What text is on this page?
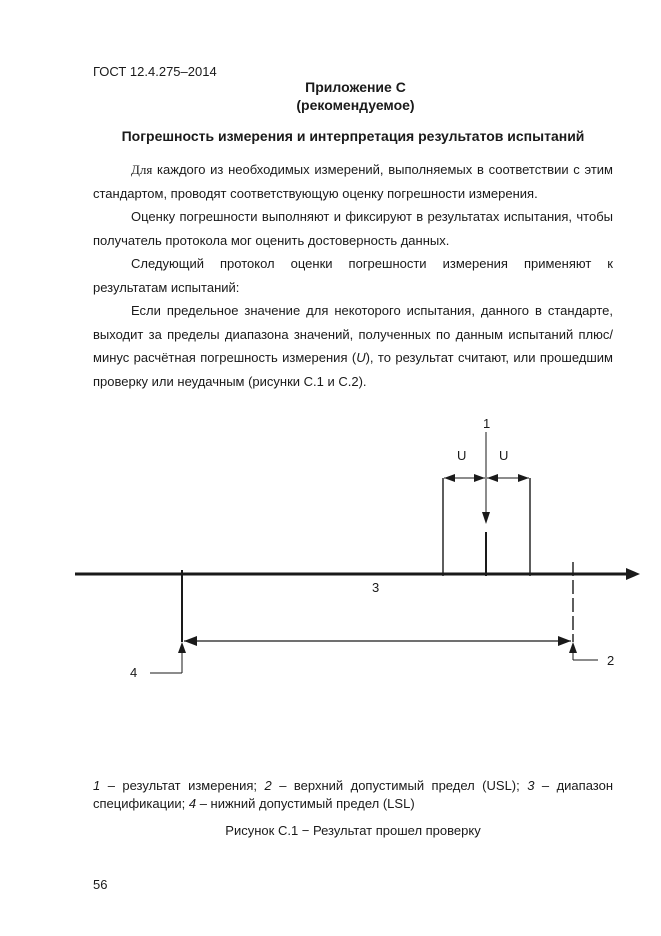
ГОСТ 12.4.275–2014
Приложение С
(рекомендуемое)
Погрешность измерения и интерпретация результатов испытаний

Для каждого из необходимых измерений, выполняемых в соответствии с этим стандартом, проводят соответствующую оценку погрешности измерения.

Оценку погрешности выполняют и фиксируют в результатах испытания, чтобы получатель протокола мог оценить достоверность данных.

Следующий протокол оценки погрешности измерения применяют к результатам испытаний:

Если предельное значение для некоторого испытания, данного в стандарте, выходит за пределы диапазона значений, полученных по данным испытаний плюс/минус расчётная погрешность измерения (U), то результат считают, или прошедшим проверку или неудачным (рисунки С.1 и С.2).

1
U	U
4
2
3
1 – результат измерения; 2 – верхний допустимый предел (USL); 3 – диапазон спецификации; 4 – нижний допустимый предел (LSL)
Рисунок С.1 − Результат прошел проверку
56
